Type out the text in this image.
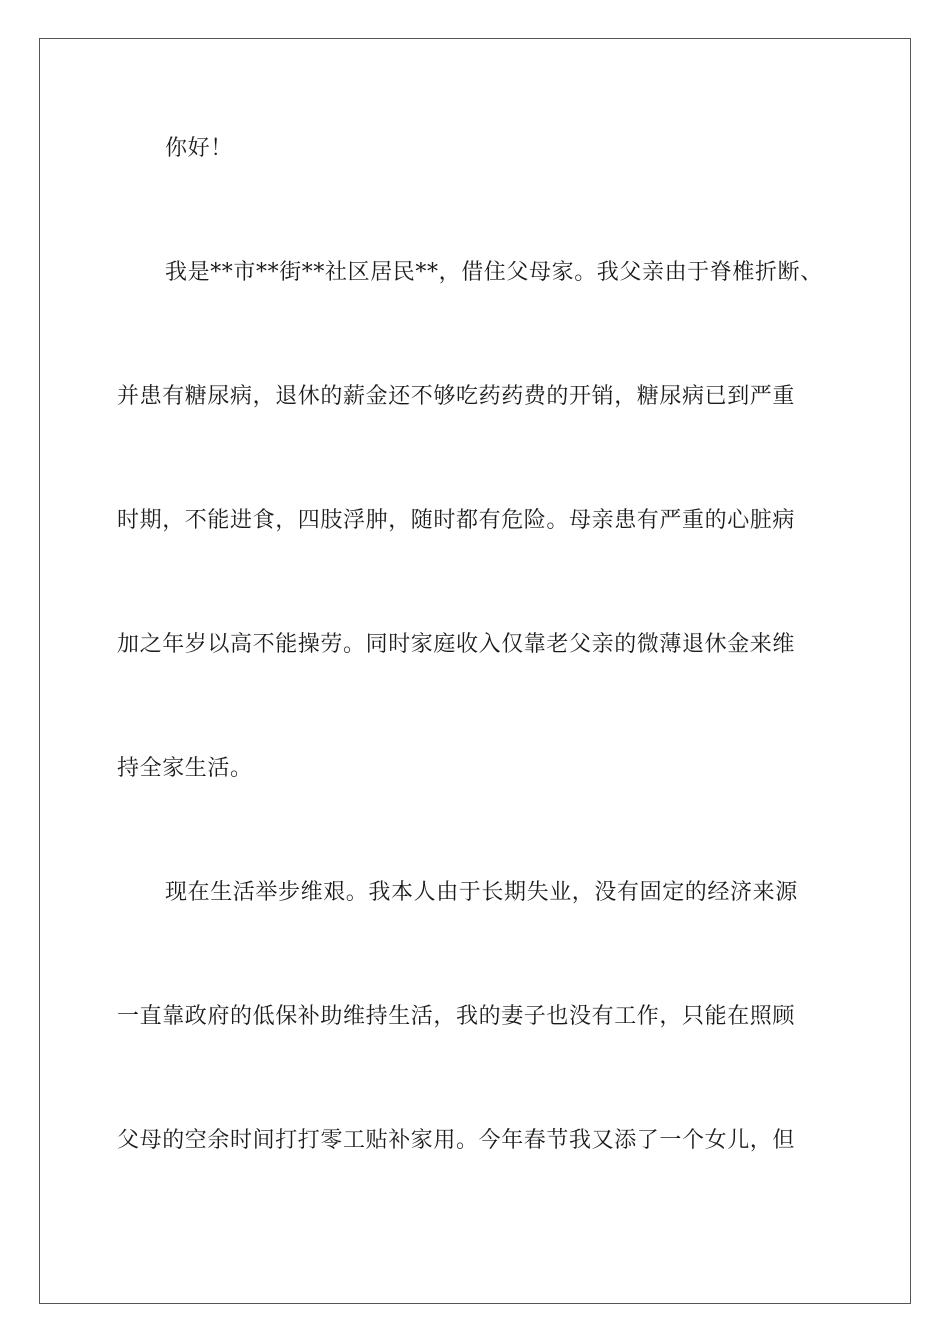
你好！
我是**市**街**社区居民**，借住父母家。我父亲由于脊椎折断、
并患有糖尿病，退休的薪金还不够吃药药费的开销，糖尿病已到严重
时期，不能进食，四肢浮肿，随时都有危险。母亲患有严重的心脏病
加之年岁以高不能操劳。同时家庭收入仅靠老父亲的微薄退休金来维
持全家生活。
现在生活举步维艰。我本人由于长期失业，没有固定的经济来源
一直靠政府的低保补助维持生活，我的妻子也没有工作，只能在照顾
父母的空余时间打打零工贴补家用。今年春节我又添了一个女儿，但
